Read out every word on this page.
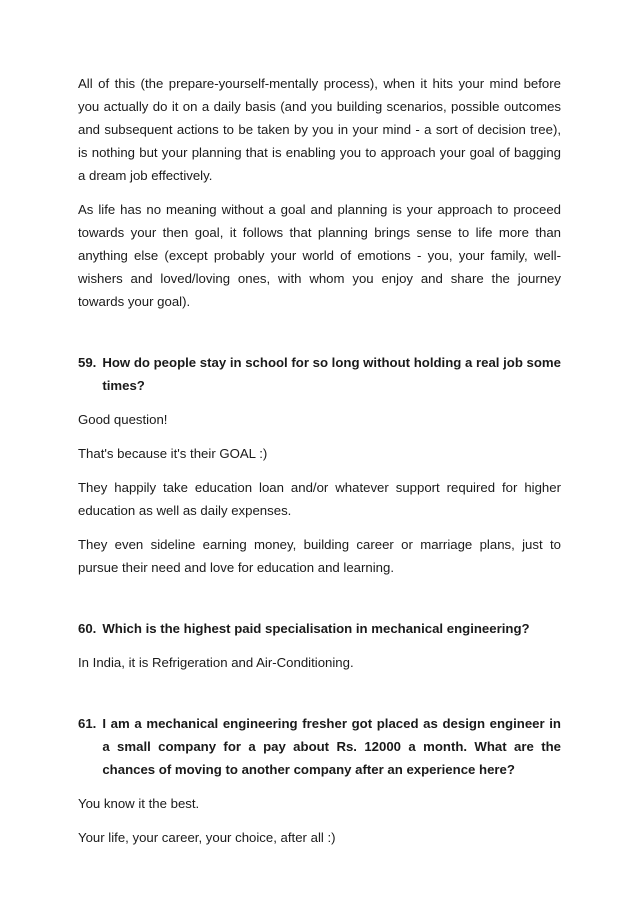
All of this (the prepare-yourself-mentally process), when it hits your mind before you actually do it on a daily basis (and you building scenarios, possible outcomes and subsequent actions to be taken by you in your mind - a sort of decision tree), is nothing but your planning that is enabling you to approach your goal of bagging a dream job effectively.

As life has no meaning without a goal and planning is your approach to proceed towards your then goal, it follows that planning brings sense to life more than anything else (except probably your world of emotions - you, your family, well-wishers and loved/loving ones, with whom you enjoy and share the journey towards your goal).

59. How do people stay in school for so long without holding a real job some times?

Good question!

That's because it's their GOAL :)

They happily take education loan and/or whatever support required for higher education as well as daily expenses.

They even sideline earning money, building career or marriage plans, just to pursue their need and love for education and learning.

60. Which is the highest paid specialisation in mechanical engineering?

In India, it is Refrigeration and Air-Conditioning.

61. I am a mechanical engineering fresher got placed as design engineer in a small company for a pay about Rs. 12000 a month. What are the chances of moving to another company after an experience here?

You know it the best.

Your life, your career, your choice, after all :)
